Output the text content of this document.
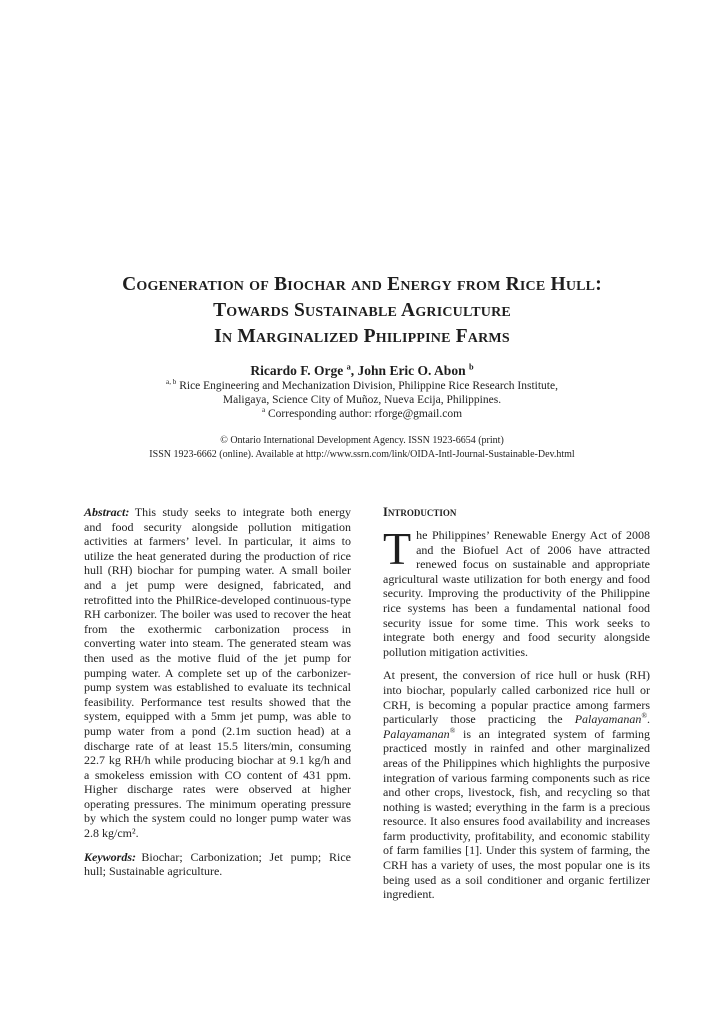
Cogeneration of Biochar and Energy from Rice Hull:
Towards Sustainable Agriculture
In Marginalized Philippine Farms
Ricardo F. Orge $^a$, John Eric O. Abon $^b$
$^{a, b}$ Rice Engineering and Mechanization Division, Philippine Rice Research Institute,
Maligaya, Science City of Muñoz, Nueva Ecija, Philippines.
$^a$ Corresponding author: rforge@gmail.com
© Ontario International Development Agency. ISSN 1923-6654 (print)
ISSN 1923-6662 (online). Available at http://www.ssrn.com/link/OIDA-Intl-Journal-Sustainable-Dev.html

Abstract: This study seeks to integrate both energy and food security alongside pollution mitigation activities at farmers’ level. In particular, it aims to utilize the heat generated during the production of rice hull (RH) biochar for pumping water. A small boiler and a jet pump were designed, fabricated, and retrofitted into the PhilRice-developed continuous-type RH carbonizer. The boiler was used to recover the heat from the exothermic carbonization process in converting water into steam. The generated steam was then used as the motive fluid of the jet pump for pumping water. A complete set up of the carbonizer-pump system was established to evaluate its technical feasibility. Performance test results showed that the system, equipped with a 5mm jet pump, was able to pump water from a pond (2.1m suction head) at a discharge rate of at least 15.5 liters/min, consuming 22.7 kg RH/h while producing biochar at 9.1 kg/h and a smokeless emission with CO content of 431 ppm. Higher discharge rates were observed at higher operating pressures. The minimum operating pressure by which the system could no longer pump water was 2.8 kg/cm².

Keywords: Biochar; Carbonization; Jet pump; Rice hull; Sustainable agriculture.

Introduction

The Philippines’ Renewable Energy Act of 2008 and the Biofuel Act of 2006 have attracted renewed focus on sustainable and appropriate agricultural waste utilization for both energy and food security. Improving the productivity of the Philippine rice systems has been a fundamental national food security issue for some time. This work seeks to integrate both energy and food security alongside pollution mitigation activities.

At present, the conversion of rice hull or husk (RH) into biochar, popularly called carbonized rice hull or CRH, is becoming a popular practice among farmers particularly those practicing the Palayamanan®. Palayamanan® is an integrated system of farming practiced mostly in rainfed and other marginalized areas of the Philippines which highlights the purposive integration of various farming components such as rice and other crops, livestock, fish, and recycling so that nothing is wasted; everything in the farm is a precious resource. It also ensures food availability and increases farm productivity, profitability, and economic stability of farm families [1]. Under this system of farming, the CRH has a variety of uses, the most popular one is its being used as a soil conditioner and organic fertilizer ingredient.
